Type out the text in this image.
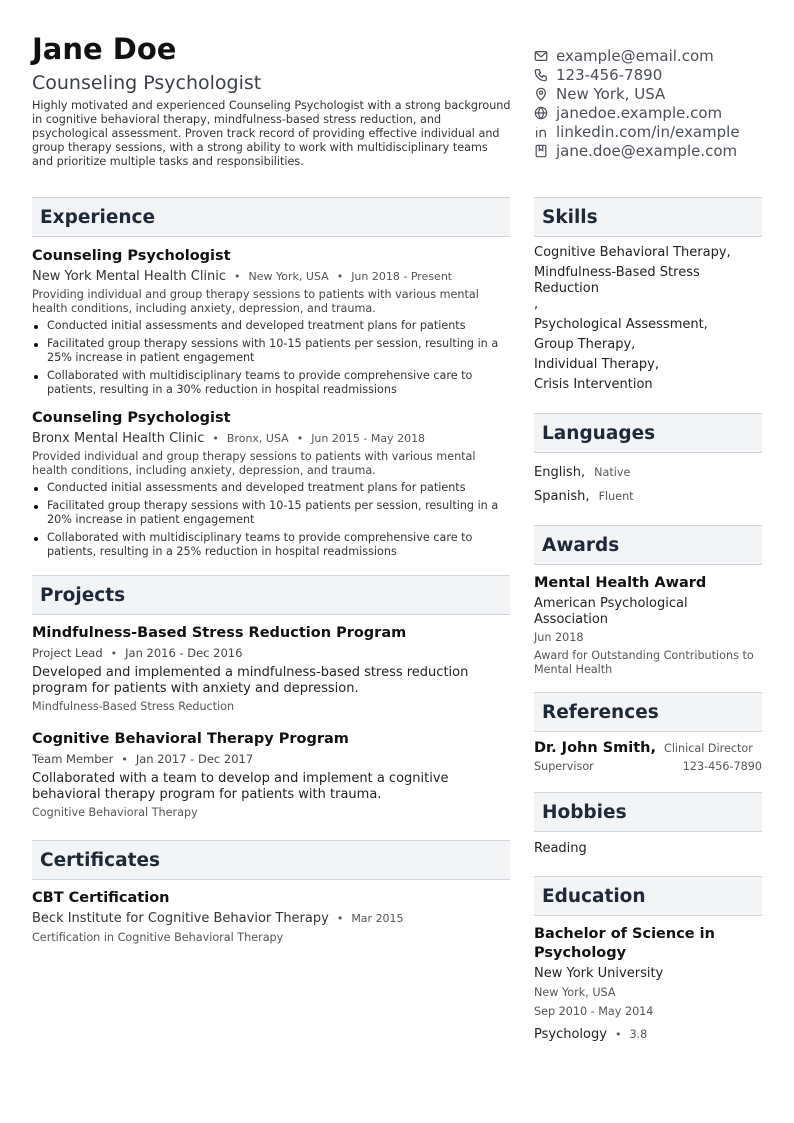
Jane Doe
Counseling Psychologist
Highly motivated and experienced Counseling Psychologist with a strong background in cognitive behavioral therapy, mindfulness-based stress reduction, and psychological assessment. Proven track record of providing effective individual and group therapy sessions, with a strong ability to work with multidisciplinary teams and prioritize multiple tasks and responsibilities.
example@email.com
123-456-7890
New York, USA
janedoe.example.com
linkedin.com/in/example
jane.doe@example.com
Experience
Counseling Psychologist
New York Mental Health Clinic • New York, USA • Jun 2018 - Present
Providing individual and group therapy sessions to patients with various mental health conditions, including anxiety, depression, and trauma.
Conducted initial assessments and developed treatment plans for patients
Facilitated group therapy sessions with 10-15 patients per session, resulting in a 25% increase in patient engagement
Collaborated with multidisciplinary teams to provide comprehensive care to patients, resulting in a 30% reduction in hospital readmissions
Counseling Psychologist
Bronx Mental Health Clinic • Bronx, USA • Jun 2015 - May 2018
Provided individual and group therapy sessions to patients with various mental health conditions, including anxiety, depression, and trauma.
Conducted initial assessments and developed treatment plans for patients
Facilitated group therapy sessions with 10-15 patients per session, resulting in a 20% increase in patient engagement
Collaborated with multidisciplinary teams to provide comprehensive care to patients, resulting in a 25% reduction in hospital readmissions
Projects
Mindfulness-Based Stress Reduction Program
Project Lead • Jan 2016 - Dec 2016
Developed and implemented a mindfulness-based stress reduction program for patients with anxiety and depression.
Mindfulness-Based Stress Reduction
Cognitive Behavioral Therapy Program
Team Member • Jan 2017 - Dec 2017
Collaborated with a team to develop and implement a cognitive behavioral therapy program for patients with trauma.
Cognitive Behavioral Therapy
Certificates
CBT Certification
Beck Institute for Cognitive Behavior Therapy • Mar 2015
Certification in Cognitive Behavioral Therapy
Skills
Cognitive Behavioral Therapy,
Mindfulness-Based Stress Reduction
,
Psychological Assessment,
Group Therapy,
Individual Therapy,
Crisis Intervention
Languages
English, Native
Spanish, Fluent
Awards
Mental Health Award
American Psychological Association
Jun 2018
Award for Outstanding Contributions to Mental Health
References
Dr. John Smith, Clinical Director
Supervisor	123-456-7890
Hobbies
Reading
Education
Bachelor of Science in Psychology
New York University
New York, USA
Sep 2010 - May 2014
Psychology • 3.8
